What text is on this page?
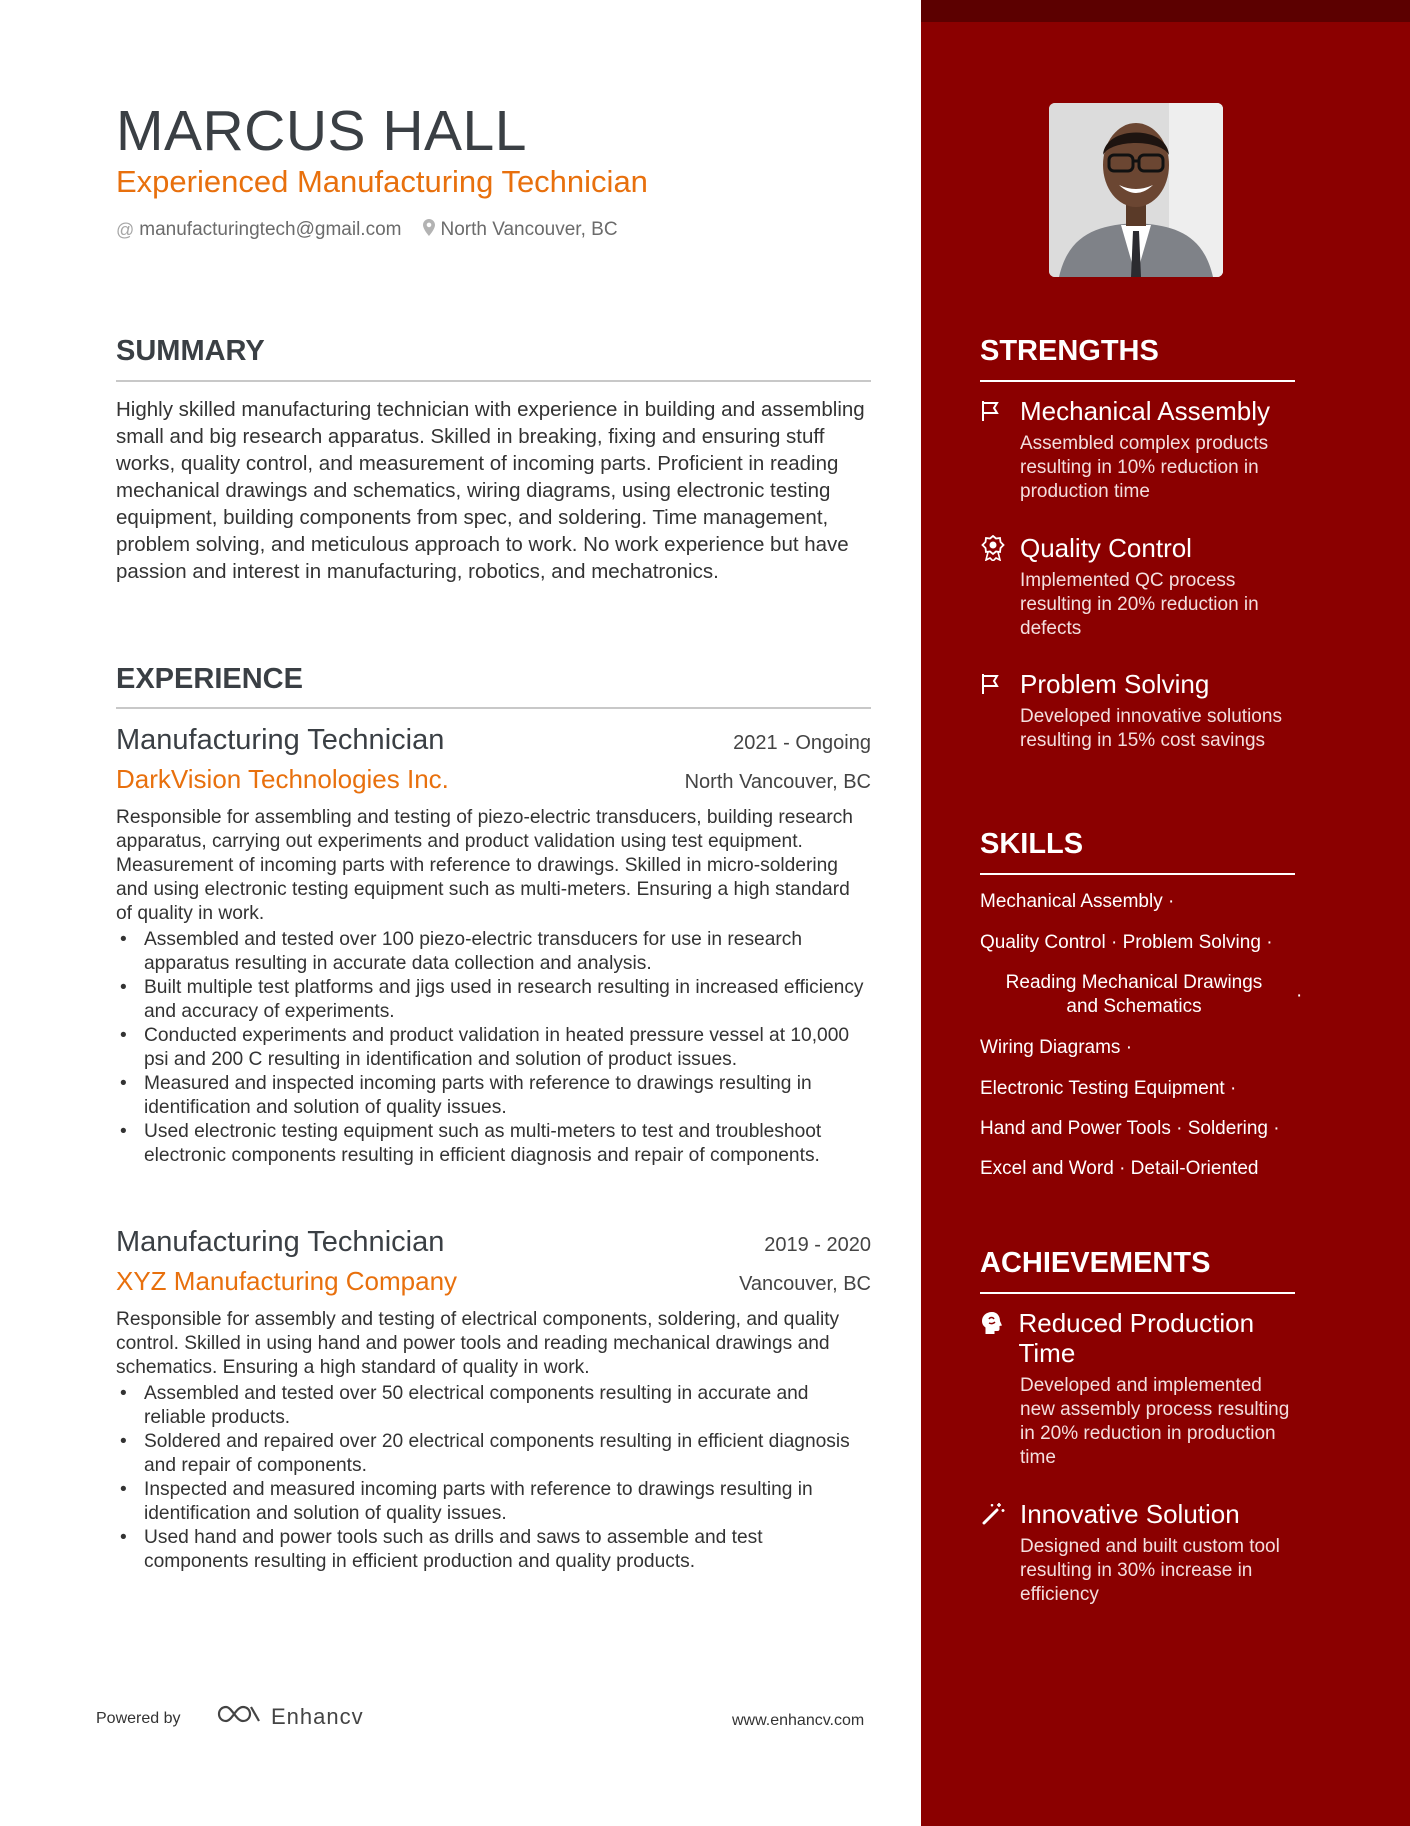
MARCUS HALL
Experienced Manufacturing Technician
@ manufacturingtech@gmail.com North Vancouver, BC
SUMMARY

Highly skilled manufacturing technician with experience in building and assembling small and big research apparatus. Skilled in breaking, fixing and ensuring stuff works, quality control, and measurement of incoming parts. Proficient in reading mechanical drawings and schematics, wiring diagrams, using electronic testing equipment, building components from spec, and soldering. Time management, problem solving, and meticulous approach to work. No work experience but have passion and interest in manufacturing, robotics, and mechatronics.

EXPERIENCE
Manufacturing Technician	2021 - Ongoing
DarkVision Technologies Inc.	North Vancouver, BC

Responsible for assembling and testing of piezo-electric transducers, building research apparatus, carrying out experiments and product validation using test equipment. Measurement of incoming parts with reference to drawings. Skilled in micro-soldering and using electronic testing equipment such as multi-meters. Ensuring a high standard of quality in work.

• Assembled and tested over 100 piezo-electric transducers for use in research apparatus resulting in accurate data collection and analysis.
• Built multiple test platforms and jigs used in research resulting in increased efficiency and accuracy of experiments.
• Conducted experiments and product validation in heated pressure vessel at 10,000 psi and 200 C resulting in identification and solution of product issues.
• Measured and inspected incoming parts with reference to drawings resulting in identification and solution of quality issues.
• Used electronic testing equipment such as multi-meters to test and troubleshoot electronic components resulting in efficient diagnosis and repair of components.
Manufacturing Technician	2019 - 2020
XYZ Manufacturing Company	Vancouver, BC

Responsible for assembly and testing of electrical components, soldering, and quality control. Skilled in using hand and power tools and reading mechanical drawings and schematics. Ensuring a high standard of quality in work.

• Assembled and tested over 50 electrical components resulting in accurate and reliable products.
• Soldered and repaired over 20 electrical components resulting in efficient diagnosis and repair of components.
• Inspected and measured incoming parts with reference to drawings resulting in identification and solution of quality issues.
• Used hand and power tools such as drills and saws to assemble and test components resulting in efficient production and quality products.
Powered by	Enhancv	www.enhancv.com
STRENGTHS
Mechanical Assembly
Assembled complex products resulting in 10% reduction in production time
Quality Control
Implemented QC process resulting in 20% reduction in defects
Problem Solving
Developed innovative solutions resulting in 15% cost savings
SKILLS
Mechanical Assembly ·
Quality Control · Problem Solving ·
Reading Mechanical Drawings and Schematics
·
Wiring Diagrams ·
Electronic Testing Equipment ·
Hand and Power Tools · Soldering ·
Excel and Word · Detail-Oriented
ACHIEVEMENTS
Reduced Production Time
Developed and implemented new assembly process resulting in 20% reduction in production time
Innovative Solution
Designed and built custom tool resulting in 30% increase in efficiency
